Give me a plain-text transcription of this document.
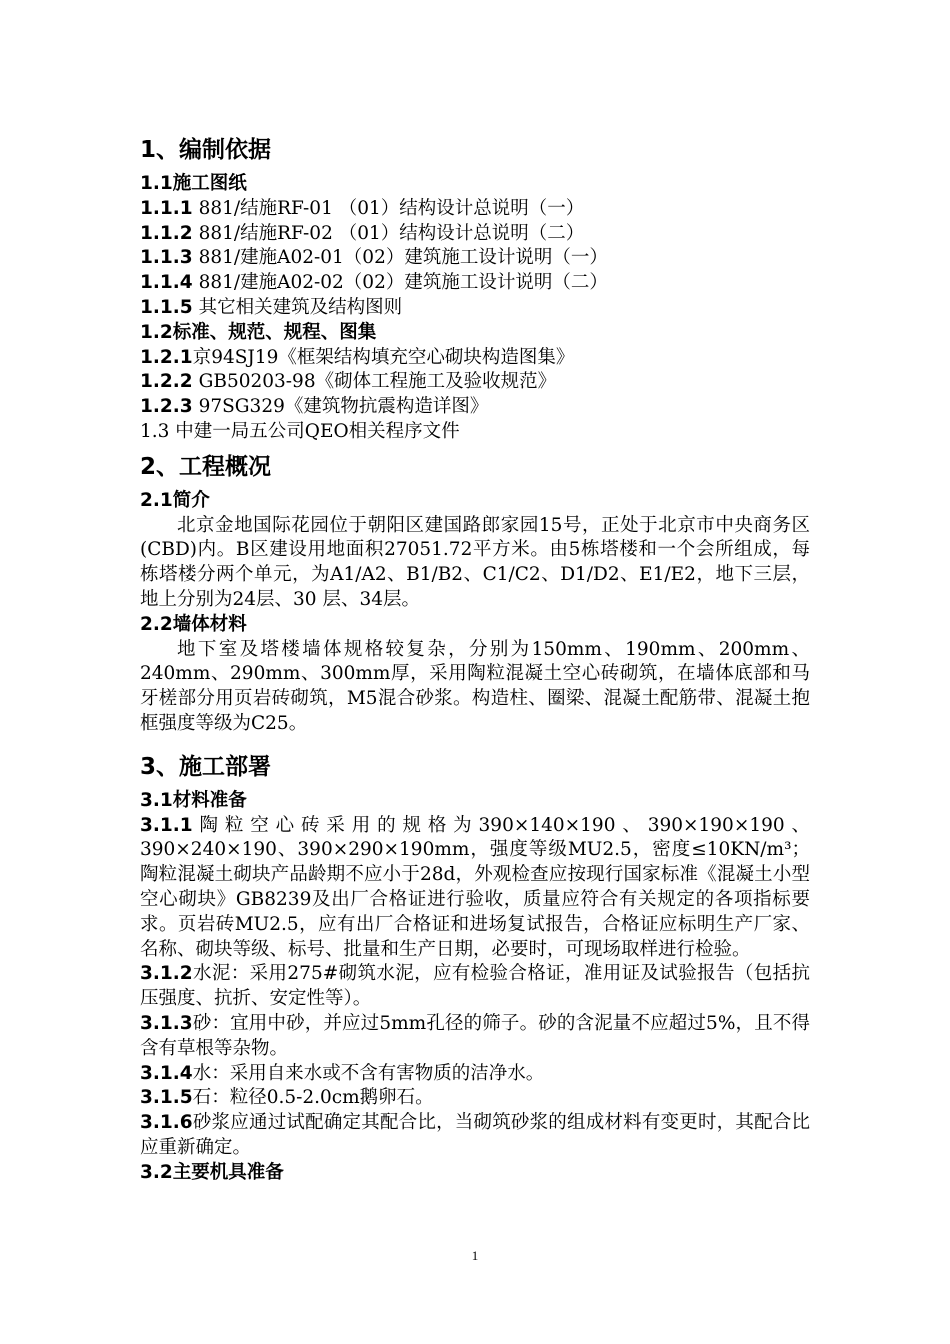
1、编制依据
1.1施工图纸
1.1.1 881/结施RF-01 （01）结构设计总说明（一）
1.1.2 881/结施RF-02 （01）结构设计总说明（二）
1.1.3 881/建施A02-01（02）建筑施工设计说明（一）
1.1.4 881/建施A02-02（02）建筑施工设计说明（二）
1.1.5 其它相关建筑及结构图则
1.2标准、规范、规程、图集
1.2.1京94SJ19《框架结构填充空心砌块构造图集》
1.2.2 GB50203-98《砌体工程施工及验收规范》
1.2.3 97SG329《建筑物抗震构造详图》
1.3 中建一局五公司QEO相关程序文件
2、工程概况
2.1简介
北京金地国际花园位于朝阳区建国路郎家园15号，正处于北京市中央商务区(CBD)内。B区建设用地面积27051.72平方米。由5栋塔楼和一个会所组成，每栋塔楼分两个单元，为A1/A2、B1/B2、C1/C2、D1/D2、E1/E2，地下三层，地上分别为24层、30 层、34层。
2.2墙体材料
地下室及塔楼墙体规格较复杂，分别为150mm、190mm、200mm、240mm、290mm、300mm厚，采用陶粒混凝土空心砖砌筑，在墙体底部和马牙槎部分用页岩砖砌筑，M5混合砂浆。构造柱、圈梁、混凝土配筋带、混凝土抱框强度等级为C25。
3、施工部署
3.1材料准备
3.1.1陶粒空心砖采用的规格为390×140×190、390×190×190、390×240×190、390×290×190mm，强度等级MU2.5，密度≤10KN/m³；陶粒混凝土砌块产品龄期不应小于28d，外观检查应按现行国家标准《混凝土小型空心砌块》GB8239及出厂合格证进行验收，质量应符合有关规定的各项指标要求。页岩砖MU2.5，应有出厂合格证和进场复试报告，合格证应标明生产厂家、名称、砌块等级、标号、批量和生产日期，必要时，可现场取样进行检验。
3.1.2水泥：采用275#砌筑水泥，应有检验合格证，准用证及试验报告（包括抗压强度、抗折、安定性等）。
3.1.3砂：宜用中砂，并应过5mm孔径的筛子。砂的含泥量不应超过5%，且不得含有草根等杂物。
3.1.4水：采用自来水或不含有害物质的洁净水。
3.1.5石：粒径0.5-2.0cm鹅卵石。
3.1.6砂浆应通过试配确定其配合比，当砌筑砂浆的组成材料有变更时，其配合比应重新确定。
3.2主要机具准备
1
